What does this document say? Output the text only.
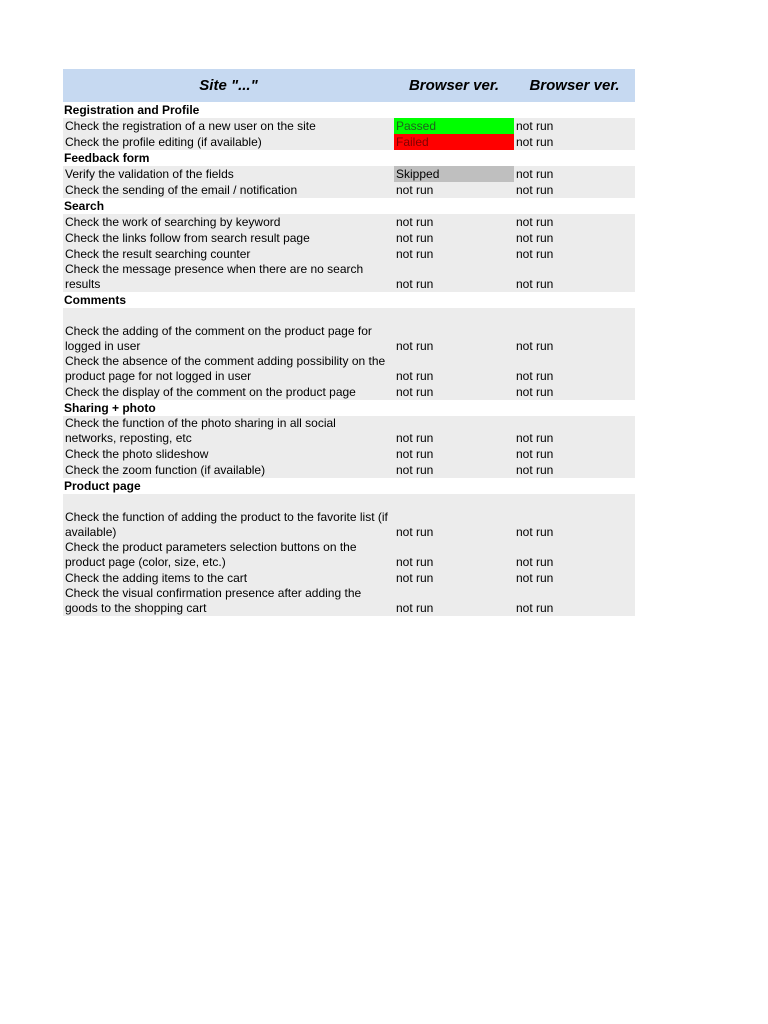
Site "..."	Browser ver.	Browser ver.
Registration and Profile
Check the registration of a new user on the site	Passed	not run
Check the profile editing (if available)	Failed	not run
Feedback form
Verify the validation of the fields	Skipped	not run
Check the sending of the email / notification	not run	not run
Search
Check the work of searching by keyword	not run	not run
Check the links follow from search result page	not run	not run
Check the result searching counter	not run	not run
Check the message presence when there are no search results	not run	not run
Comments
Check the adding of the comment on the product page for logged in user	not run	not run
Check the absence of the comment adding possibility on the product page for not logged in user	not run	not run
Check the display of the comment on the product page	not run	not run
Sharing + photo
Check the function of the photo sharing in all social networks, reposting, etc	not run	not run
Check the photo slideshow	not run	not run
Check the zoom function (if available)	not run	not run
Product page
Check the function of adding the product to the favorite list (if available)	not run	not run
Check the product parameters selection buttons on the product page (color, size, etc.)	not run	not run
Check the adding items to the cart	not run	not run
Check the visual confirmation presence after adding the goods to the shopping cart	not run	not run
